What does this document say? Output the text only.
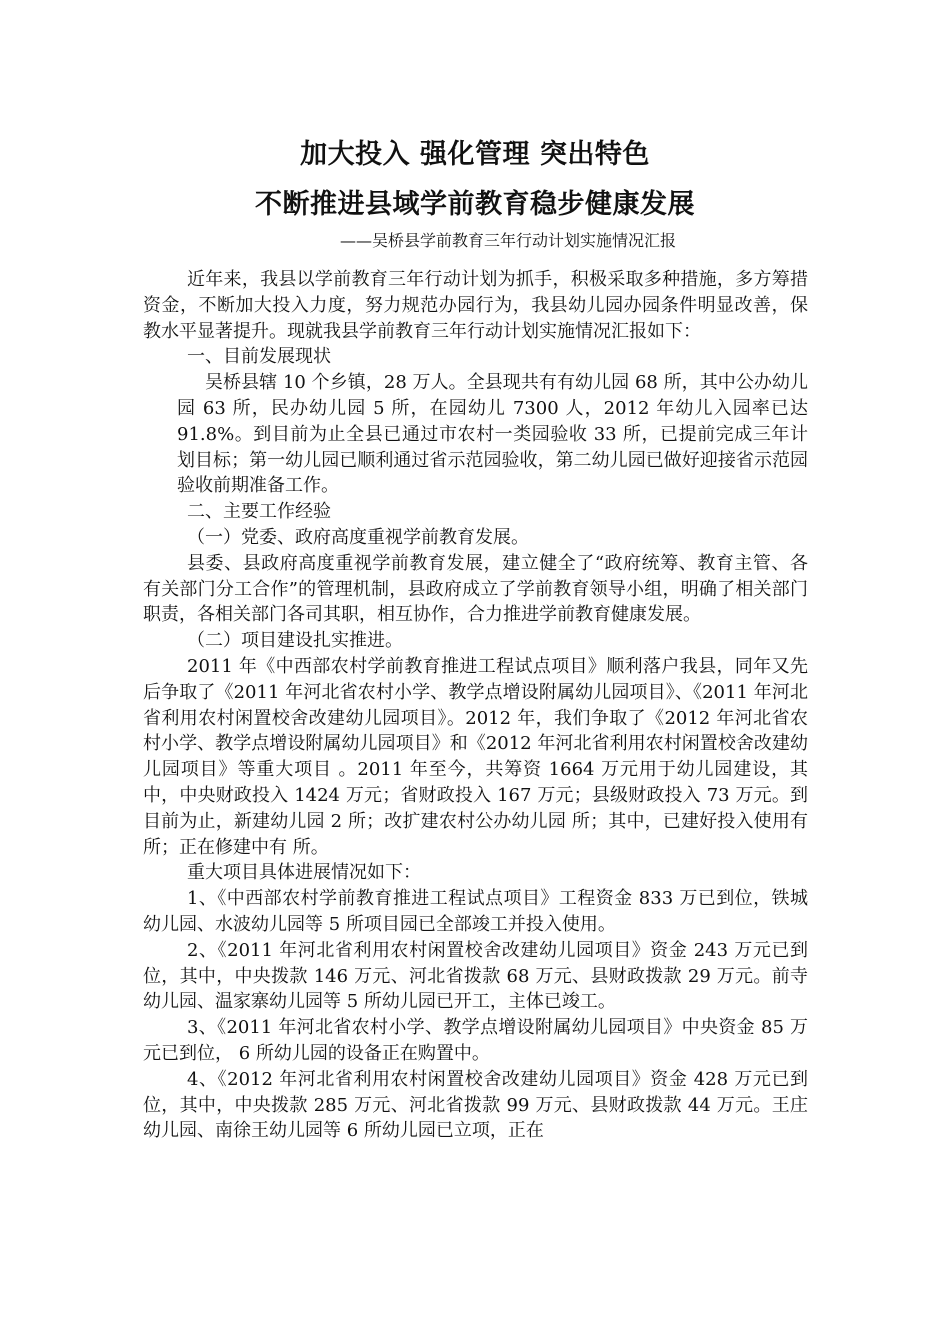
加大投入 强化管理 突出特色
不断推进县域学前教育稳步健康发展

——吴桥县学前教育三年行动计划实施情况汇报

近年来，我县以学前教育三年行动计划为抓手，积极采取多种措施，多方筹措资金，不断加大投入力度，努力规范办园行为，我县幼儿园办园条件明显改善，保教水平显著提升。现就我县学前教育三年行动计划实施情况汇报如下：

一、目前发展现状

吴桥县辖 10 个乡镇，28 万人。全县现共有有幼儿园 68 所，其中公办幼儿园 63 所，民办幼儿园 5 所，在园幼儿 7300 人，2012 年幼儿入园率已达 91.8%。到目前为止全县已通过市农村一类园验收 33 所，已提前完成三年计划目标；第一幼儿园已顺利通过省示范园验收，第二幼儿园已做好迎接省示范园验收前期准备工作。

二、主要工作经验

（一）党委、政府高度重视学前教育发展。

县委、县政府高度重视学前教育发展，建立健全了“政府统筹、教育主管、各有关部门分工合作”的管理机制，县政府成立了学前教育领导小组，明确了相关部门职责，各相关部门各司其职，相互协作，合力推进学前教育健康发展。

（二）项目建设扎实推进。

2011 年《中西部农村学前教育推进工程试点项目》顺利落户我县，同年又先后争取了《2011 年河北省农村小学、教学点增设附属幼儿园项目》、《2011 年河北省利用农村闲置校舍改建幼儿园项目》。2012 年，我们争取了《2012 年河北省农村小学、教学点增设附属幼儿园项目》和《2012 年河北省利用农村闲置校舍改建幼儿园项目》等重大项目 。2011 年至今，共筹资 1664 万元用于幼儿园建设，其中，中央财政投入 1424 万元；省财政投入 167 万元；县级财政投入 73 万元。到目前为止，新建幼儿园 2 所；改扩建农村公办幼儿园 所；其中，已建好投入使用有 所；正在修建中有 所。

重大项目具体进展情况如下：

1、《中西部农村学前教育推进工程试点项目》工程资金 833 万已到位，铁城幼儿园、水波幼儿园等 5 所项目园已全部竣工并投入使用。

2、《2011 年河北省利用农村闲置校舍改建幼儿园项目》资金 243 万元已到位，其中，中央拨款 146 万元、河北省拨款 68 万元、县财政拨款 29 万元。前寺幼儿园、温家寨幼儿园等 5 所幼儿园已开工，主体已竣工。

3、《2011 年河北省农村小学、教学点增设附属幼儿园项目》中央资金 85 万元已到位， 6 所幼儿园的设备正在购置中。

4、《2012 年河北省利用农村闲置校舍改建幼儿园项目》资金 428 万元已到位，其中，中央拨款 285 万元、河北省拨款 99 万元、县财政拨款 44 万元。王庄幼儿园、南徐王幼儿园等 6 所幼儿园已立项，正在
